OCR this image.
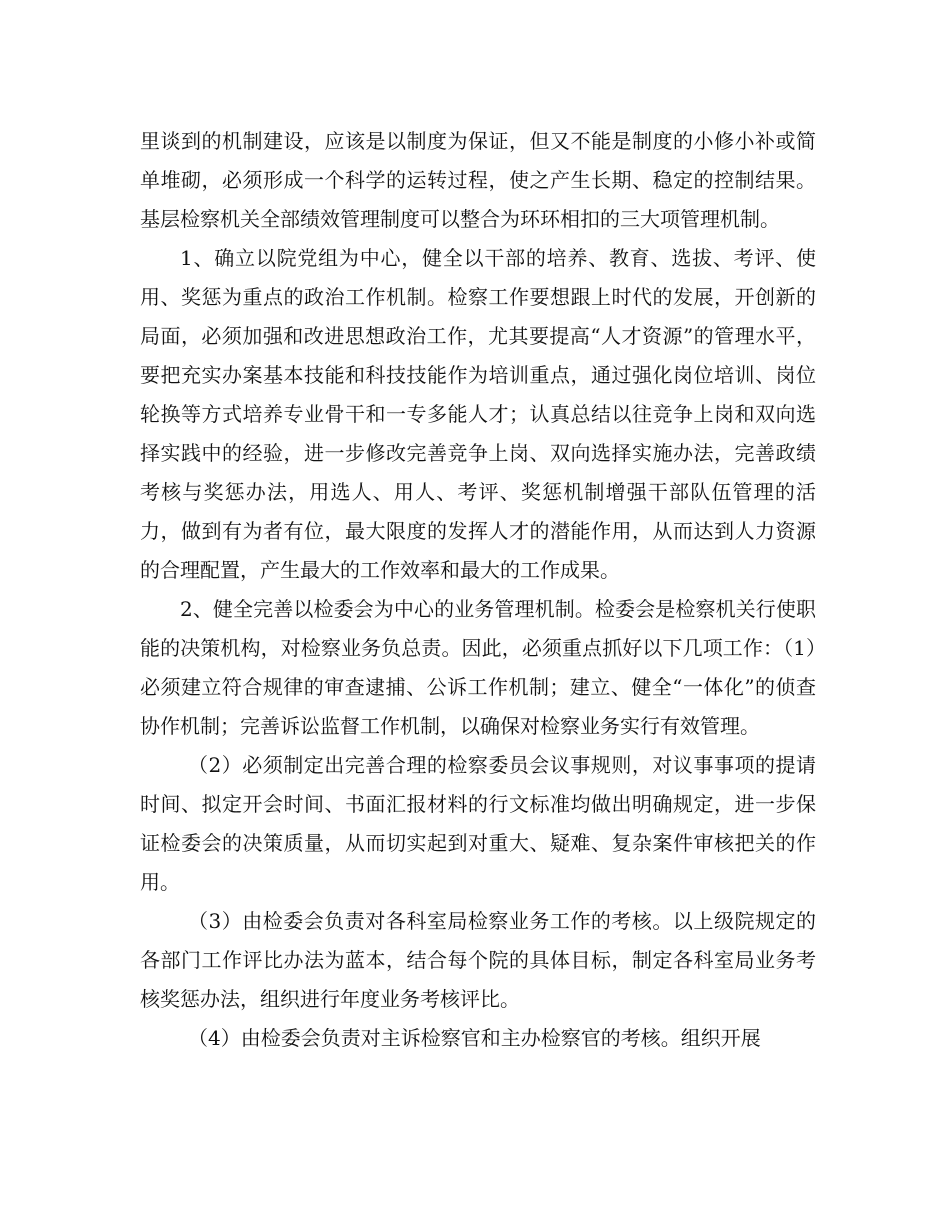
里谈到的机制建设，应该是以制度为保证，但又不能是制度的小修小补或简单堆砌，必须形成一个科学的运转过程，使之产生长期、稳定的控制结果。基层检察机关全部绩效管理制度可以整合为环环相扣的三大项管理机制。

1、确立以院党组为中心，健全以干部的培养、教育、选拔、考评、使用、奖惩为重点的政治工作机制。检察工作要想跟上时代的发展，开创新的局面，必须加强和改进思想政治工作，尤其要提高“人才资源”的管理水平，要把充实办案基本技能和科技技能作为培训重点，通过强化岗位培训、岗位轮换等方式培养专业骨干和一专多能人才；认真总结以往竞争上岗和双向选择实践中的经验，进一步修改完善竞争上岗、双向选择实施办法，完善政绩考核与奖惩办法，用选人、用人、考评、奖惩机制增强干部队伍管理的活力，做到有为者有位，最大限度的发挥人才的潜能作用，从而达到人力资源的合理配置，产生最大的工作效率和最大的工作成果。

2、健全完善以检委会为中心的业务管理机制。检委会是检察机关行使职能的决策机构，对检察业务负总责。因此，必须重点抓好以下几项工作：（1）必须建立符合规律的审查逮捕、公诉工作机制；建立、健全“一体化”的侦查协作机制；完善诉讼监督工作机制，以确保对检察业务实行有效管理。

（2）必须制定出完善合理的检察委员会议事规则，对议事事项的提请时间、拟定开会时间、书面汇报材料的行文标准均做出明确规定，进一步保证检委会的决策质量，从而切实起到对重大、疑难、复杂案件审核把关的作用。

（3）由检委会负责对各科室局检察业务工作的考核。以上级院规定的各部门工作评比办法为蓝本，结合每个院的具体目标，制定各科室局业务考核奖惩办法，组织进行年度业务考核评比。

（4）由检委会负责对主诉检察官和主办检察官的考核。组织开展
